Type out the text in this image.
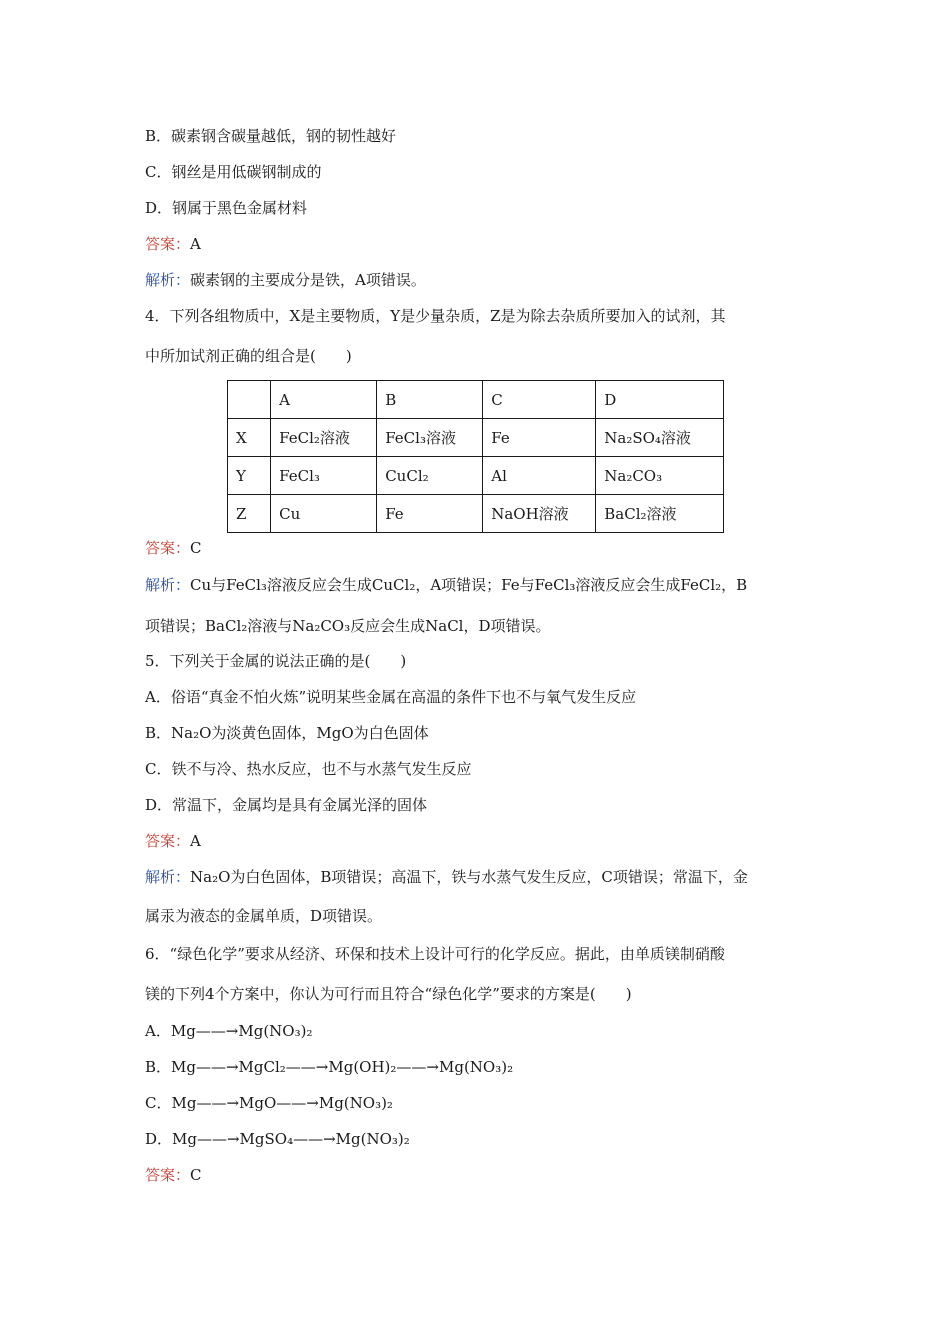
B．碳素钢含碳量越低，钢的韧性越好
C．钢丝是用低碳钢制成的
D．钢属于黑色金属材料
答案：A
解析：碳素钢的主要成分是铁，A项错误。
4．下列各组物质中，X是主要物质，Y是少量杂质，Z是为除去杂质所要加入的试剂，其
中所加试剂正确的组合是(　　)
	A	B	C	D
X	FeCl₂溶液	FeCl₃溶液	Fe	Na₂SO₄溶液
Y	FeCl₃	CuCl₂	Al	Na₂CO₃
Z	Cu	Fe	NaOH溶液	BaCl₂溶液
答案：C
解析：Cu与FeCl₃溶液反应会生成CuCl₂，A项错误；Fe与FeCl₃溶液反应会生成FeCl₂，B
项错误；BaCl₂溶液与Na₂CO₃反应会生成NaCl，D项错误。
5．下列关于金属的说法正确的是(　　)
A．俗语“真金不怕火炼”说明某些金属在高温的条件下也不与氧气发生反应
B．Na₂O为淡黄色固体，MgO为白色固体
C．铁不与冷、热水反应，也不与水蒸气发生反应
D．常温下，金属均是具有金属光泽的固体
答案：A
解析：Na₂O为白色固体，B项错误；高温下，铁与水蒸气发生反应，C项错误；常温下，金
属汞为液态的金属单质，D项错误。
6．“绿色化学”要求从经济、环保和技术上设计可行的化学反应。据此，由单质镁制硝酸
镁的下列4个方案中，你认为可行而且符合“绿色化学”要求的方案是(　　)
A．Mg——→Mg(NO₃)₂
B．Mg——→MgCl₂——→Mg(OH)₂——→Mg(NO₃)₂
C．Mg——→MgO——→Mg(NO₃)₂
D．Mg——→MgSO₄——→Mg(NO₃)₂
答案：C
